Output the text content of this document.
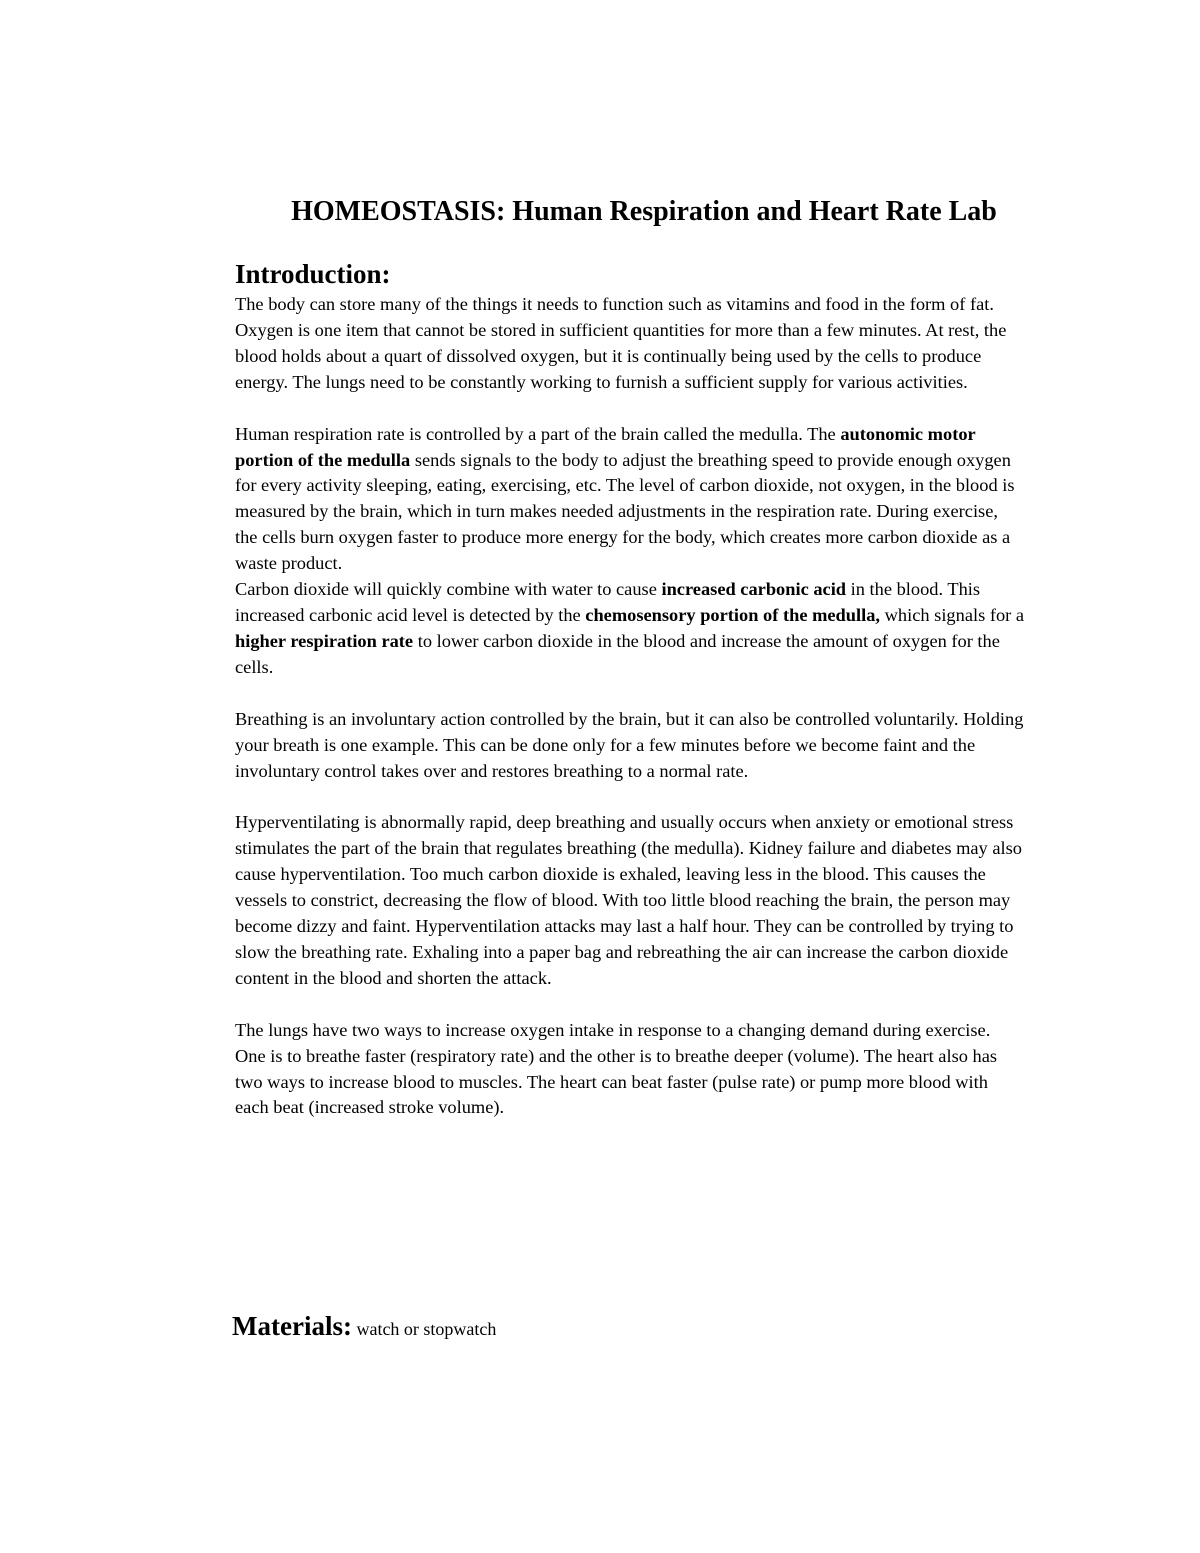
HOMEOSTASIS: Human Respiration and Heart Rate Lab
Introduction:

The body can store many of the things it needs to function such as vitamins and food in the form of fat. Oxygen is one item that cannot be stored in sufficient quantities for more than a few minutes. At rest, the blood holds about a quart of dissolved oxygen, but it is continually being used by the cells to produce energy. The lungs need to be constantly working to furnish a sufficient supply for various activities.

Human respiration rate is controlled by a part of the brain called the medulla. The autonomic motor portion of the medulla sends signals to the body to adjust the breathing speed to provide enough oxygen for every activity sleeping, eating, exercising, etc. The level of carbon dioxide, not oxygen, in the blood is measured by the brain, which in turn makes needed adjustments in the respiration rate. During exercise, the cells burn oxygen faster to produce more energy for the body, which creates more carbon dioxide as a waste product.

Carbon dioxide will quickly combine with water to cause increased carbonic acid in the blood. This increased carbonic acid level is detected by the chemosensory portion of the medulla, which signals for a higher respiration rate to lower carbon dioxide in the blood and increase the amount of oxygen for the cells.

Breathing is an involuntary action controlled by the brain, but it can also be controlled voluntarily. Holding your breath is one example. This can be done only for a few minutes before we become faint and the involuntary control takes over and restores breathing to a normal rate.

Hyperventilating is abnormally rapid, deep breathing and usually occurs when anxiety or emotional stress stimulates the part of the brain that regulates breathing (the medulla). Kidney failure and diabetes may also cause hyperventilation. Too much carbon dioxide is exhaled, leaving less in the blood. This causes the vessels to constrict, decreasing the flow of blood. With too little blood reaching the brain, the person may become dizzy and faint. Hyperventilation attacks may last a half hour. They can be controlled by trying to slow the breathing rate. Exhaling into a paper bag and rebreathing the air can increase the carbon dioxide content in the blood and shorten the attack.

The lungs have two ways to increase oxygen intake in response to a changing demand during exercise. One is to breathe faster (respiratory rate) and the other is to breathe deeper (volume). The heart also has two ways to increase blood to muscles. The heart can beat faster (pulse rate) or pump more blood with each beat (increased stroke volume).

Materials: watch or stopwatch
